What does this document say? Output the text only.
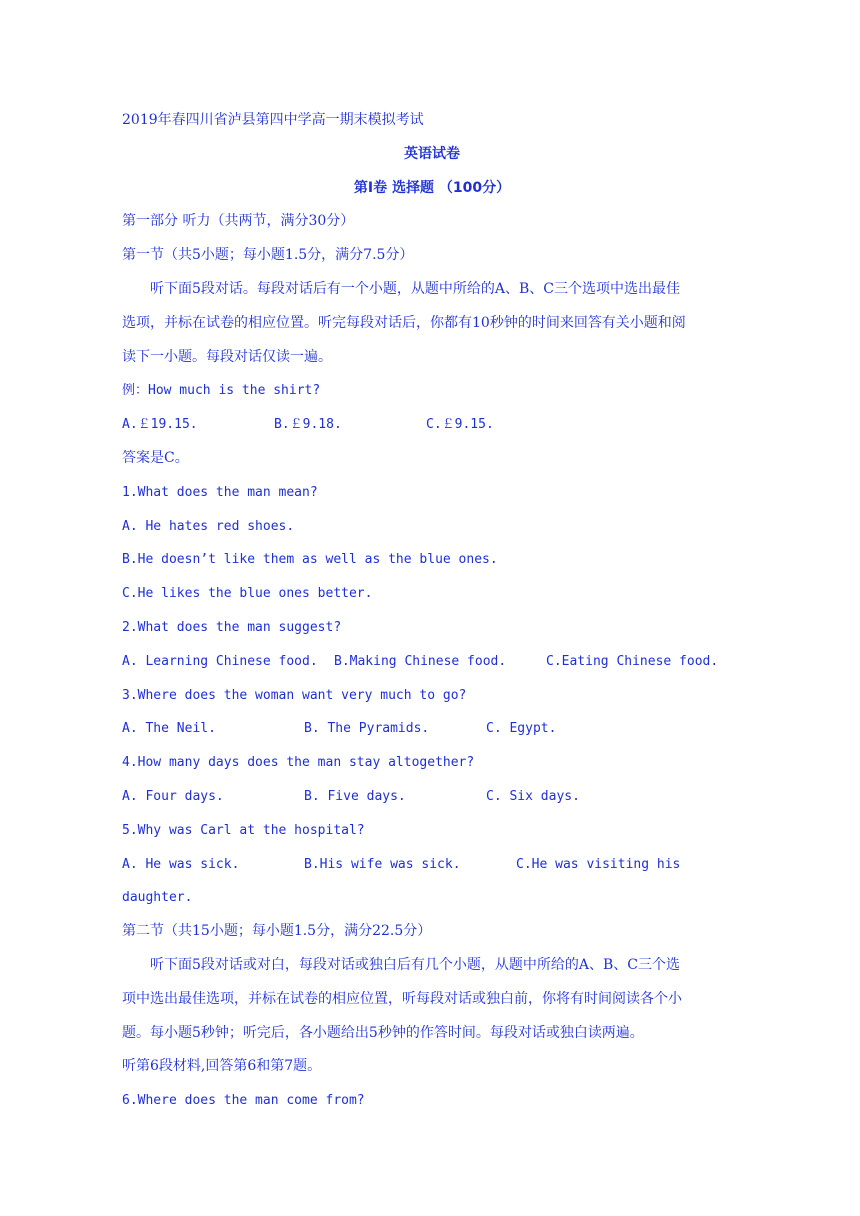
2019年春四川省泸县第四中学高一期末模拟考试
英语试卷
第Ⅰ卷 选择题 （100分）
第一部分 听力（共两节，满分30分）
第一节（共5小题；每小题1.5分，满分7.5分）
听下面5段对话。每段对话后有一个小题，从题中所给的A、B、C三个选项中选出最佳
选项，并标在试卷的相应位置。听完每段对话后，你都有10秒钟的时间来回答有关小题和阅
读下一小题。每段对话仅读一遍。
例：How much is the shirt?
A.￡19.15.	B.￡9.18.	C.￡9.15.
答案是C。
1.What does the man mean?
A. He hates red shoes.
B.He doesn’t like them as well as the blue ones.
C.He likes the blue ones better.
2.What does the man suggest?
A. Learning Chinese food.	B.Making Chinese food.	C.Eating Chinese food.
3.Where does the woman want very much to go?
A. The Neil.	B. The Pyramids.	C. Egypt.
4.How many days does the man stay altogether?
A. Four days.	B. Five days.	C. Six days.
5.Why was Carl at the hospital?
A. He was sick.	B.His wife was sick.	C.He was visiting his
daughter.
第二节（共15小题；每小题1.5分，满分22.5分）
听下面5段对话或对白，每段对话或独白后有几个小题，从题中所给的A、B、C三个选
项中选出最佳选项，并标在试卷的相应位置，听每段对话或独白前，你将有时间阅读各个小
题。每小题5秒钟；听完后，各小题给出5秒钟的作答时间。每段对话或独白读两遍。
听第6段材料,回答第6和第7题。
6.Where does the man come from?
